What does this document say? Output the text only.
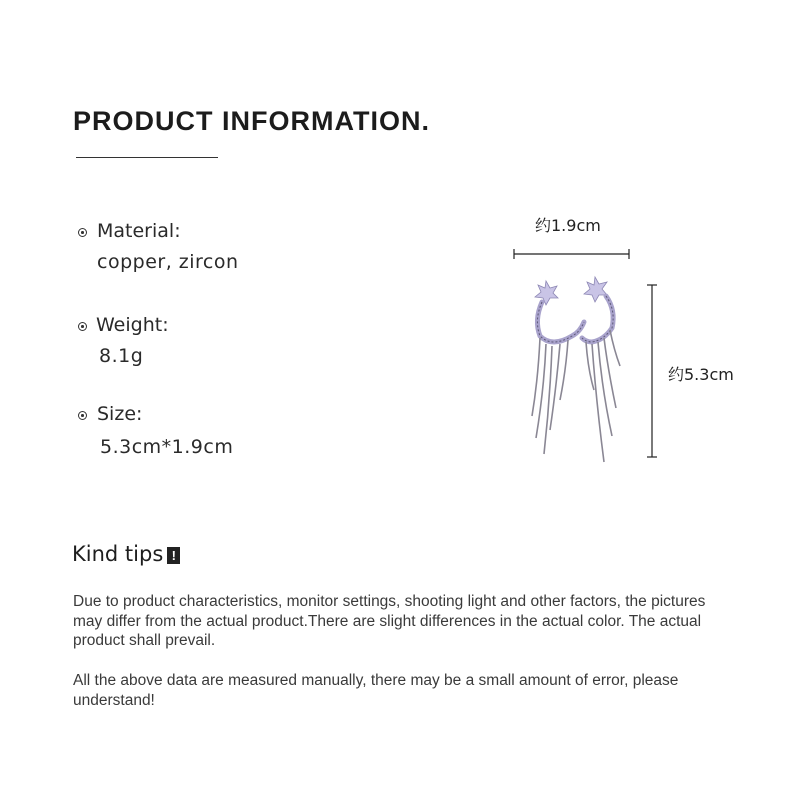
PRODUCT INFORMATION.
Material:
copper, zircon
Weight:
8.1g
Size:
5.3cm*1.9cm
约1.9cm
约5.3cm
Kind tips !
Due to product characteristics, monitor settings, shooting light and other factors, the pictures may differ from the actual product.There are slight differences in the actual color. The actual product shall prevail.
All the above data are measured manually, there may be a small amount of error, please understand!
